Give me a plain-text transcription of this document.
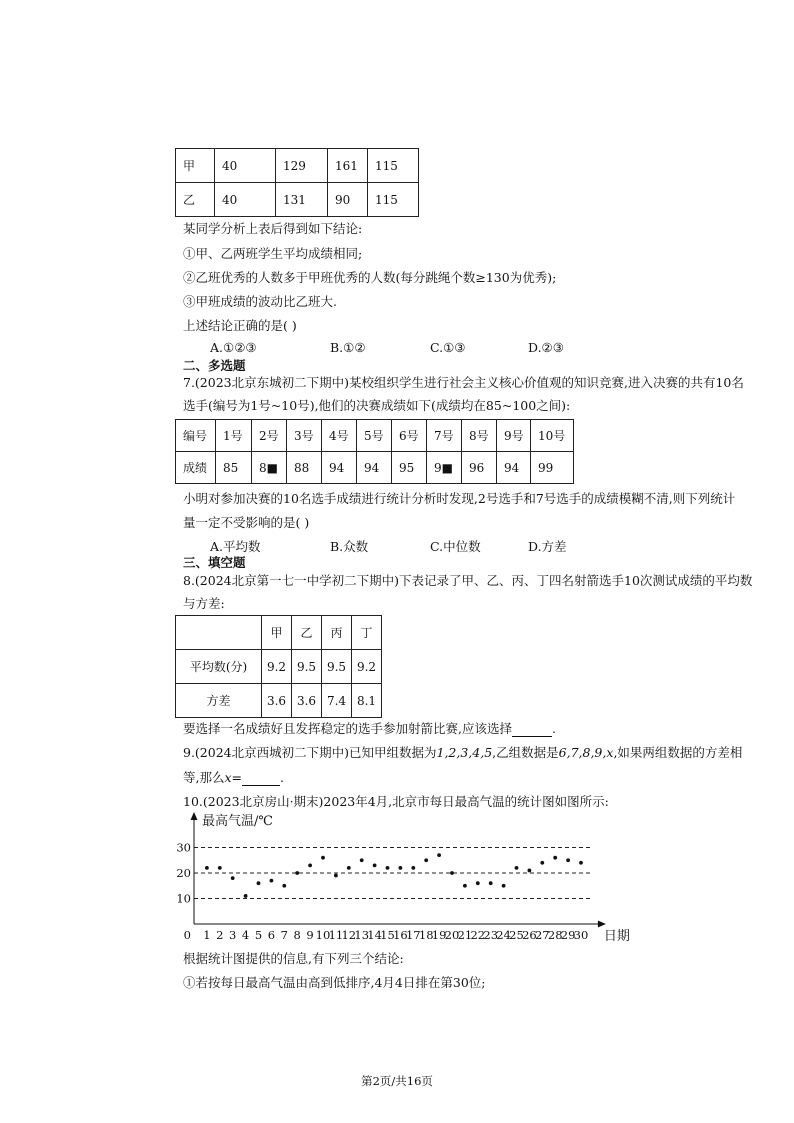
甲	40	129	161	115
乙	40	131	90	115
某同学分析上表后得到如下结论:
①甲、乙两班学生平均成绩相同;
②乙班优秀的人数多于甲班优秀的人数(每分跳绳个数≥130为优秀);
③甲班成绩的波动比乙班大.
上述结论正确的是( )
A.①②③	B.①②	C.①③	D.②③
二、多选题
7.(2023北京东城初二下期中)某校组织学生进行社会主义核心价值观的知识竞赛,进入决赛的共有10名
选手(编号为1号~10号),他们的决赛成绩如下(成绩均在85~100之间):
编号	1号	2号	3号	4号	5号	6号	7号	8号	9号	10号
成绩	85	8■	88	94	94	95	9■	96	94	99
小明对参加决赛的10名选手成绩进行统计分析时发现,2号选手和7号选手的成绩模糊不清,则下列统计
量一定不受影响的是( )
A.平均数	B.众数	C.中位数	D.方差
三、填空题
8.(2024北京第一七一中学初二下期中)下表记录了甲、乙、丙、丁四名射箭选手10次测试成绩的平均数
与方差:
	甲	乙	丙	丁
平均数(分)	9.2	9.5	9.5	9.2
方差	3.6	3.6	7.4	8.1
要选择一名成绩好且发挥稳定的选手参加射箭比赛,应该选择	.
9.(2024北京西城初二下期中)已知甲组数据为1,2,3,4,5,乙组数据是6,7,8,9,x,如果两组数据的方差相
等,那么x=	.
10.(2023北京房山·期末)2023年4月,北京市每日最高气温的统计图如图所示:
10
20
30
1 2 3 4 5 6 7 8 9 10
11
12
13
14
15
16
17
18
19
20
21
22
23
24
25
26
27
28
29
30
0
最高气温/℃
日期
根据统计图提供的信息,有下列三个结论:
①若按每日最高气温由高到低排序,4月4日排在第30位;
第2页/共16页
